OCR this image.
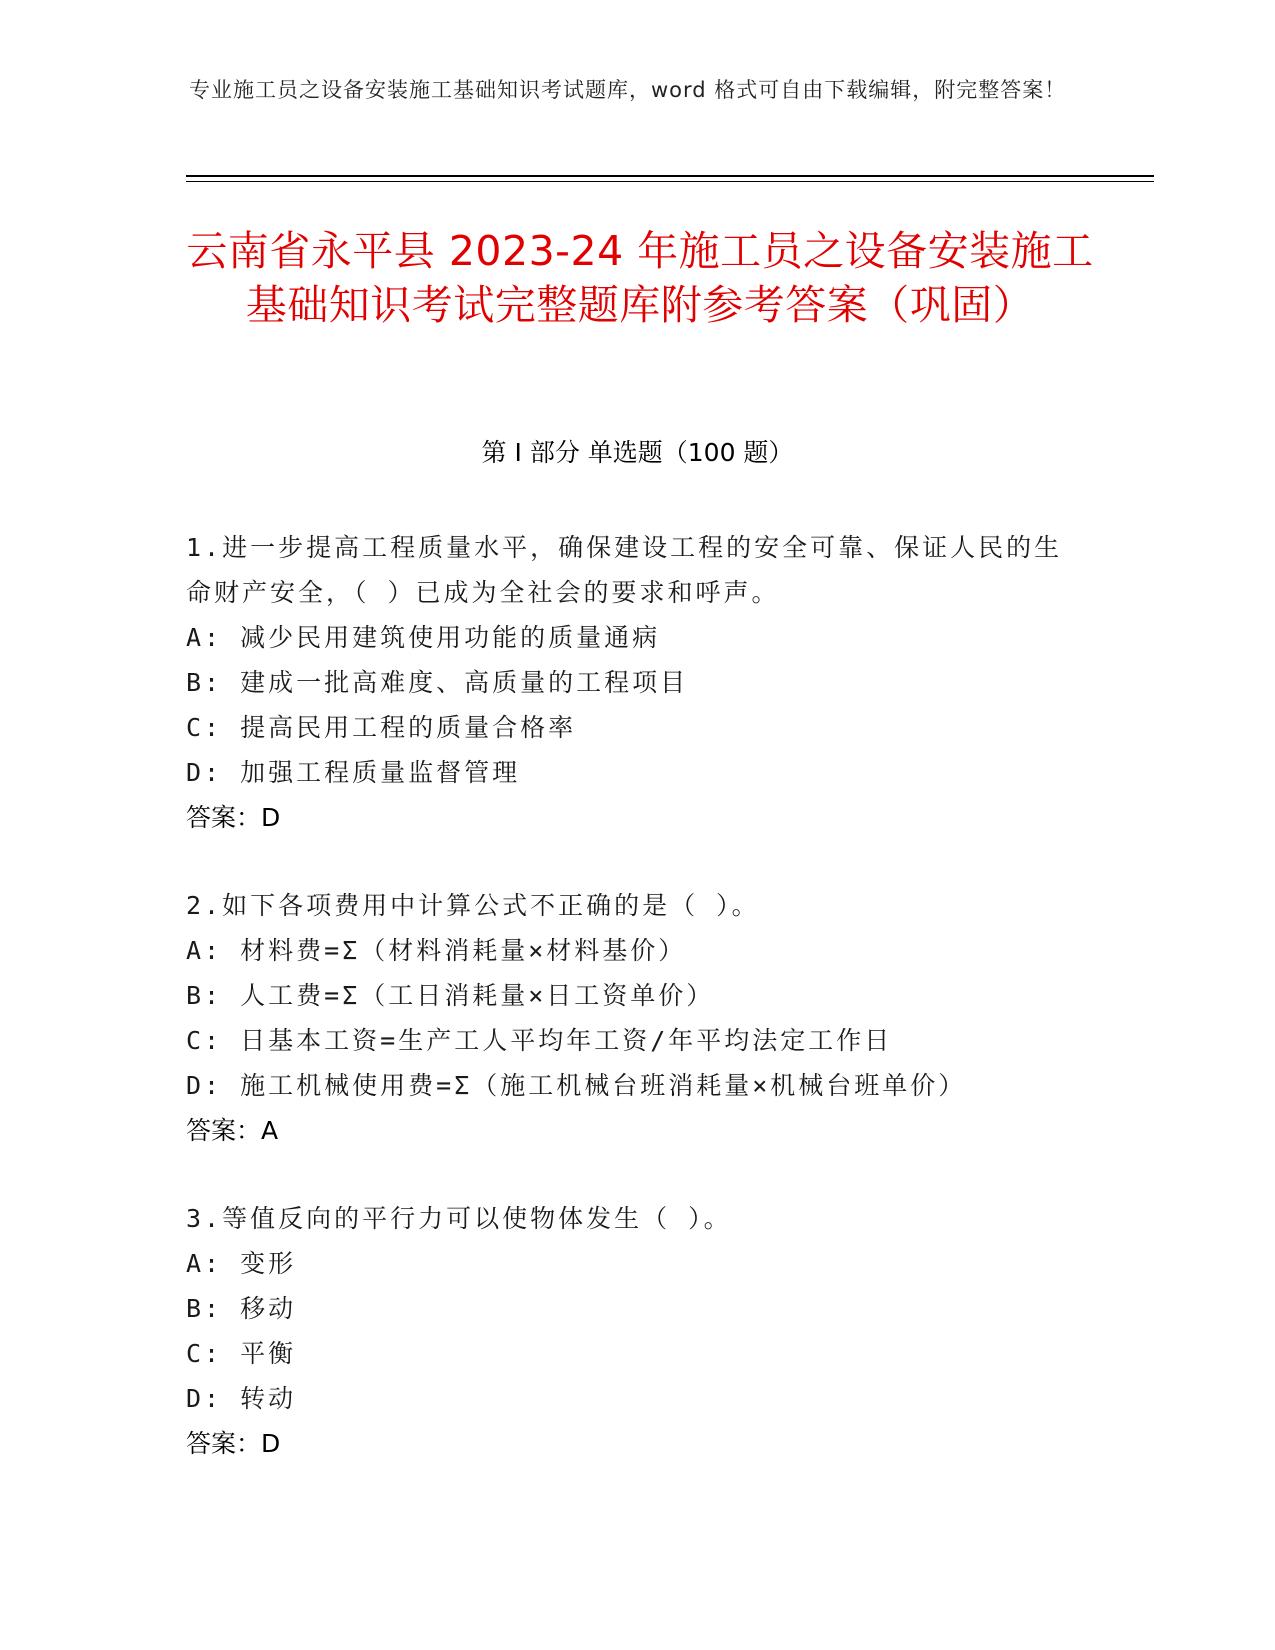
专业施工员之设备安装施工基础知识考试题库，word 格式可自由下载编辑，附完整答案！
云南省永平县 2023-24 年施工员之设备安装施工基础知识考试完整题库附参考答案（巩固）
第 I 部分 单选题（100 题）
1.进一步提高工程质量水平，确保建设工程的安全可靠、保证人民的生命财产安全，（ ）已成为全社会的要求和呼声。
A: 减少民用建筑使用功能的质量通病
B: 建成一批高难度、高质量的工程项目
C: 提高民用工程的质量合格率
D: 加强工程质量监督管理
答案：D
2.如下各项费用中计算公式不正确的是（ ）。
A: 材料费=Σ（材料消耗量×材料基价）
B: 人工费=Σ（工日消耗量×日工资单价）
C: 日基本工资=生产工人平均年工资/年平均法定工作日
D: 施工机械使用费=Σ（施工机械台班消耗量×机械台班单价）
答案：A
3.等值反向的平行力可以使物体发生（ ）。
A: 变形
B: 移动
C: 平衡
D: 转动
答案：D
